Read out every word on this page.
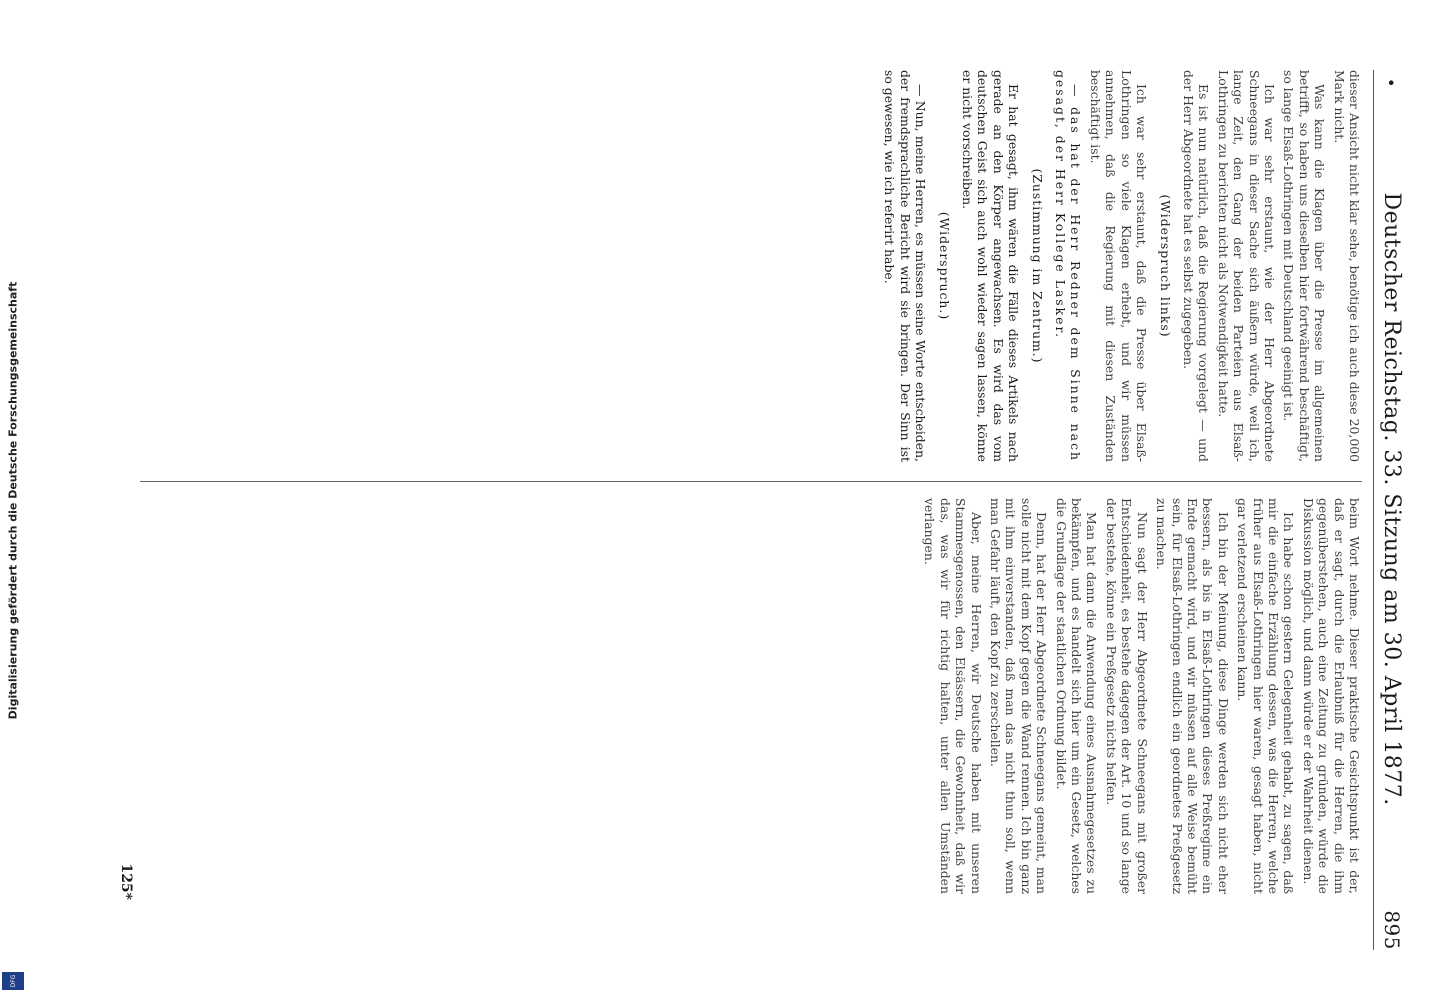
•
Deutscher Reichstag. 33. Sitzung am 30. April 1877.
895

dieser Ansicht nicht klar sehe, benötige ich auch diese 20,000 Mark nicht.

Was kann die Klagen über die Presse im allgemeinen betrifft, so haben uns dieselben hier fortwährend beschäftigt, so lange Elsaß-Lothringen mit Deutschland geeinigt ist.

Ich war sehr erstaunt, wie der Herr Abgeordnete Schneegans in dieser Sache sich äußern würde, weil ich, lange Zeit, den Gang der beiden Parteien aus Elsaß-Lothringen zu berichten nicht als Notwendigkeit hatte.

Es ist nun natürlich, daß die Regierung vorgelegt — und der Herr Abgeordnete hat es selbst zugegeben.

(Widerspruch links)

Ich war sehr erstaunt, daß die Presse über Elsaß-Lothringen so viele Klagen erhebt, und wir müssen annehmen, daß die Regierung mit diesen Zuständen beschäftigt ist.

— das hat der Herr Redner dem Sinne nach gesagt, der Herr Kollege Lasker.

(Zustimmung im Zentrum.)

Er hat gesagt, ihm wären die Fälle dieses Artikels nach gerade an den Körper angewachsen. Es wird das vom deutschen Geist sich auch wohl wieder sagen lassen, könne er nicht vorschreiben.

(Widerspruch.)

— Nun, meine Herren, es müssen seine Worte entscheiden, der fremdsprachliche Bericht wird sie bringen. Der Sinn ist so gewesen, wie ich referirt habe.

beim Wort nehme. Dieser praktische Gesichtspunkt ist der, daß er sagt, durch die Erlaubniß für die Herren, die ihm gegenüberstehen, auch eine Zeitung zu gründen, würde die Diskussion möglich, und dann würde er der Wahrheit dienen.

Ich habe schon gestern Gelegenheit gehabt, zu sagen, daß mir die einfache Erzählung dessen, was die Herren, welche früher aus Elsaß-Lothringen hier waren, gesagt haben, nicht gar verletzend erscheinen kann.

Ich bin der Meinung, diese Dinge werden sich nicht eher bessern, als bis in Elsaß-Lothringen dieses Preßregime ein Ende gemacht wird, und wir müssen auf alle Weise bemüht sein, für Elsaß-Lothringen endlich ein geordnetes Preßgesetz zu machen.

Nun sagt der Herr Abgeordnete Schneegans mit großer Entschiedenheit, es bestehe dagegen der Art. 10 und so lange der bestehe, könne ein Preßgesetz nichts helfen.

Man hat dann die Anwendung eines Ausnahmegesetzes zu bekämpfen, und es handelt sich hier um ein Gesetz, welches die Grundlage der staatlichen Ordnung bildet.

Denn, hat der Herr Abgeordnete Schneegans gemeint, man solle nicht mit dem Kopf gegen die Wand rennen. Ich bin ganz mit ihm einverstanden, daß man das nicht thun soll, wenn man Gefahr läuft, den Kopf zu zerschellen.

Aber, meine Herren, wir Deutsche haben mit unseren Stammesgenossen, den Elsässern, die Gewohnheit, daß wir das, was wir für richtig halten, unter allen Umständen verlangen.

125*
Digitalisierung gefördert durch die Deutsche Forschungsgemeinschaft
DFG
